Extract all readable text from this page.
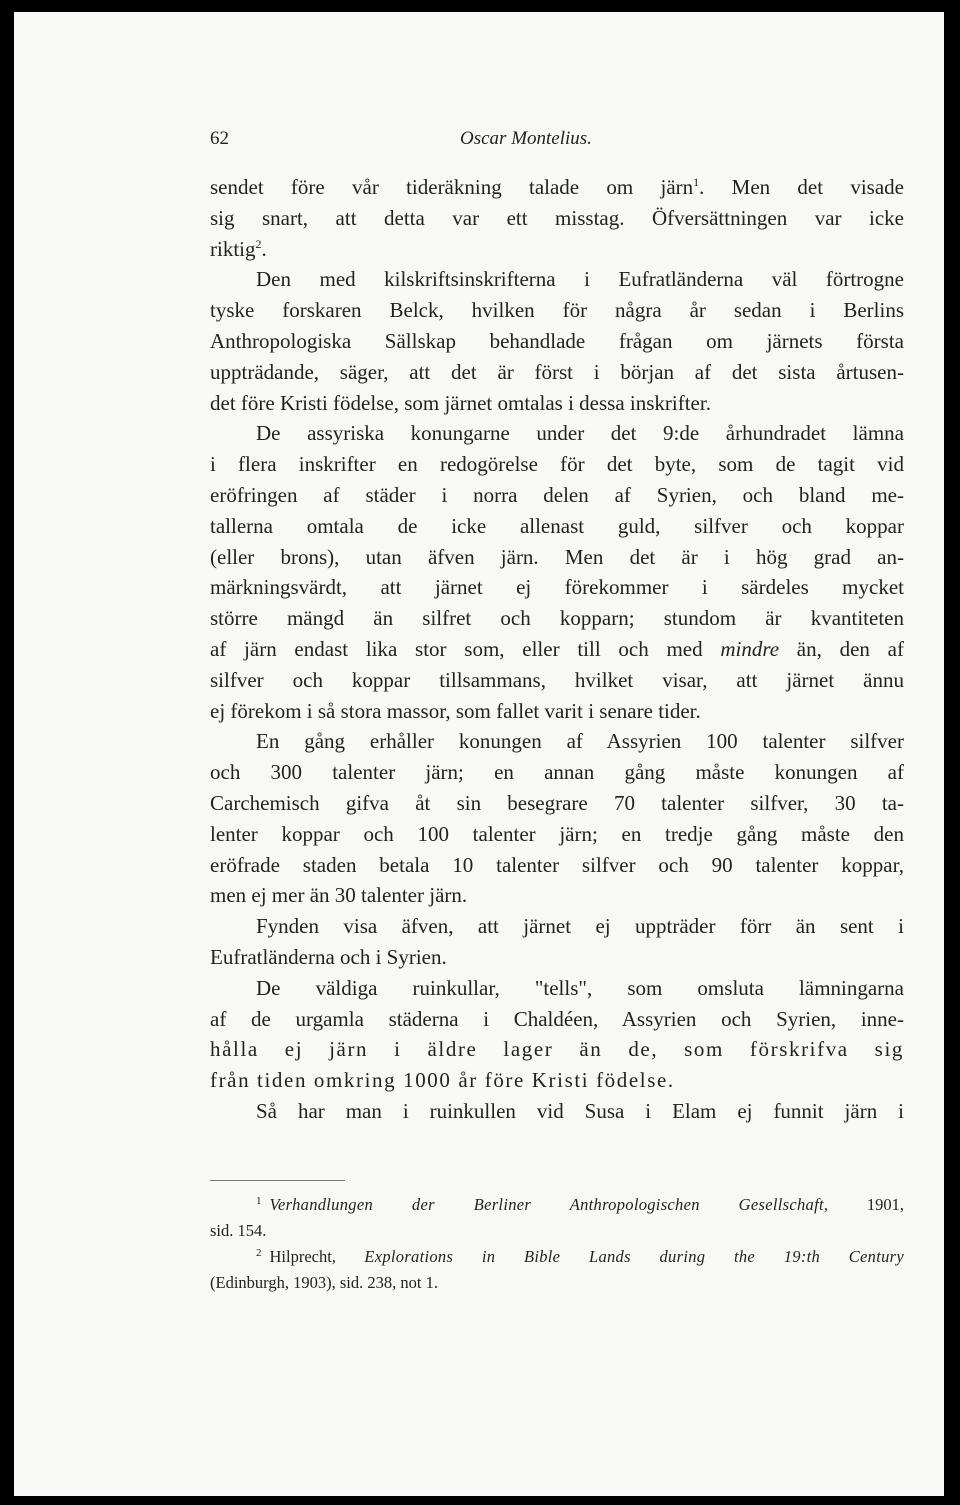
62	Oscar Montelius.
sendet före vår tideräkning talade om järn$^1$. Men det visade
sig snart, att detta var ett misstag. Öfversättningen var icke
riktig$^2$.
Den med kilskriftsinskrifterna i Eufratländerna väl förtrogne
tyske forskaren Belck, hvilken för några år sedan i Berlins
Anthropologiska Sällskap behandlade frågan om järnets första
uppträdande, säger, att det är först i början af det sista årtusen-
det före Kristi födelse, som järnet omtalas i dessa inskrifter.
De assyriska konungarne under det 9:de århundradet lämna
i flera inskrifter en redogörelse för det byte, som de tagit vid
eröfringen af städer i norra delen af Syrien, och bland me-
tallerna omtala de icke allenast guld, silfver och koppar
(eller brons), utan äfven järn. Men det är i hög grad an-
märkningsvärdt, att järnet ej förekommer i särdeles mycket
större mängd än silfret och kopparn; stundom är kvantiteten
af järn endast lika stor som, eller till och med mindre än, den af
silfver och koppar tillsammans, hvilket visar, att järnet ännu
ej förekom i så stora massor, som fallet varit i senare tider.
En gång erhåller konungen af Assyrien 100 talenter silfver
och 300 talenter järn; en annan gång måste konungen af
Carchemisch gifva åt sin besegrare 70 talenter silfver, 30 ta-
lenter koppar och 100 talenter järn; en tredje gång måste den
eröfrade staden betala 10 talenter silfver och 90 talenter koppar,
men ej mer än 30 talenter järn.
Fynden visa äfven, att järnet ej uppträder förr än sent i
Eufratländerna och i Syrien.
De väldiga ruinkullar, "tells", som omsluta lämningarna
af de urgamla städerna i Chaldéen, Assyrien och Syrien, inne-
hålla ej järn i äldre lager än de, som förskrifva sig
från tiden omkring 1000 år före Kristi födelse.
Så har man i ruinkullen vid Susa i Elam ej funnit järn i
$^1$ Verhandlungen der Berliner Anthropologischen Gesellschaft, 1901,
sid. 154.
$^2$ Hilprecht, Explorations in Bible Lands during the 19:th Century
(Edinburgh, 1903), sid. 238, not 1.
